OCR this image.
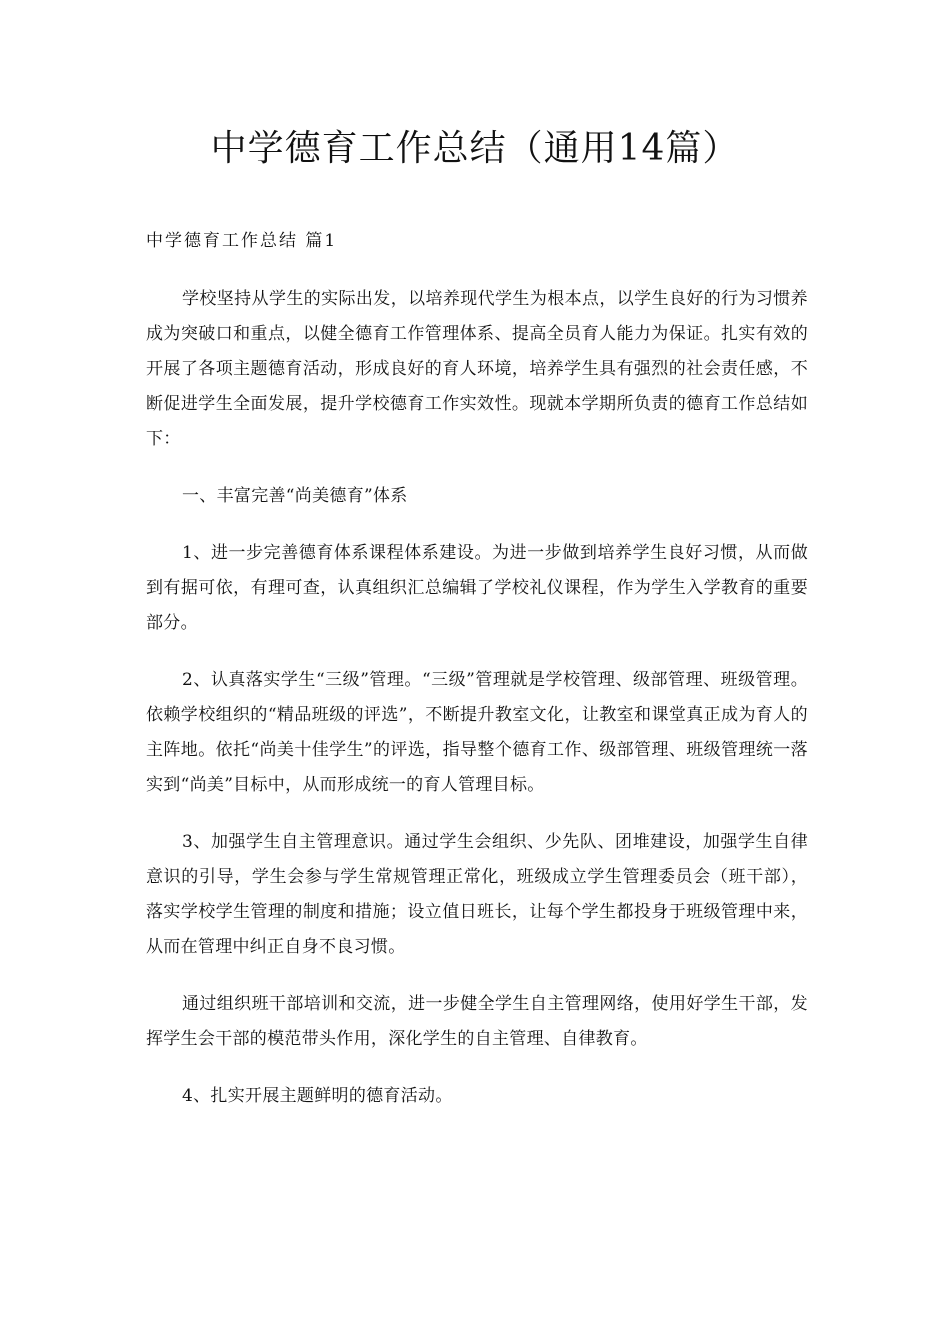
中学德育工作总结（通用14篇）
中学德育工作总结 篇1

学校坚持从学生的实际出发，以培养现代学生为根本点，以学生良好的行为习惯养成为突破口和重点，以健全德育工作管理体系、提高全员育人能力为保证。扎实有效的开展了各项主题德育活动，形成良好的育人环境，培养学生具有强烈的社会责任感，不断促进学生全面发展，提升学校德育工作实效性。现就本学期所负责的德育工作总结如下：

一、丰富完善“尚美德育”体系

1、进一步完善德育体系课程体系建设。为进一步做到培养学生良好习惯，从而做到有据可依，有理可查，认真组织汇总编辑了学校礼仪课程，作为学生入学教育的重要部分。

2、认真落实学生“三级”管理。“三级”管理就是学校管理、级部管理、班级管理。依赖学校组织的“精品班级的评选”，不断提升教室文化，让教室和课堂真正成为育人的主阵地。依托“尚美十佳学生”的评选，指导整个德育工作、级部管理、班级管理统一落实到“尚美”目标中，从而形成统一的育人管理目标。

3、加强学生自主管理意识。通过学生会组织、少先队、团堆建设，加强学生自律意识的引导，学生会参与学生常规管理正常化，班级成立学生管理委员会（班干部），落实学校学生管理的制度和措施；设立值日班长，让每个学生都投身于班级管理中来，从而在管理中纠正自身不良习惯。

通过组织班干部培训和交流，进一步健全学生自主管理网络，使用好学生干部，发挥学生会干部的模范带头作用，深化学生的自主管理、自律教育。

4、扎实开展主题鲜明的德育活动。
